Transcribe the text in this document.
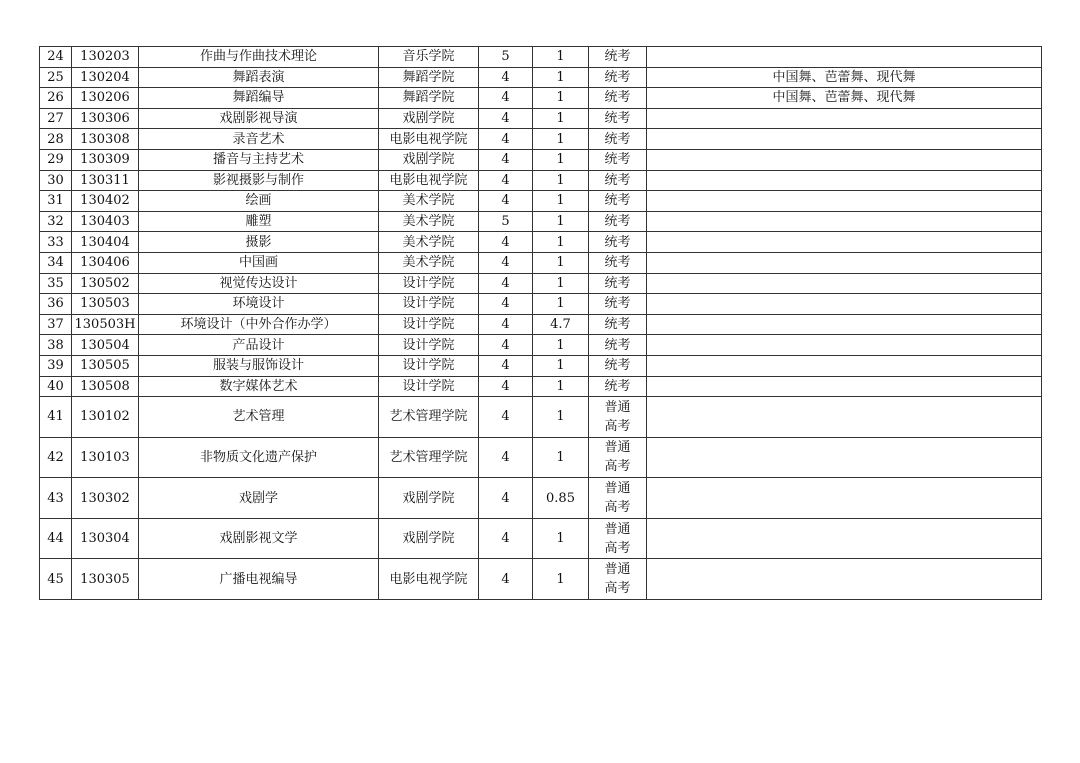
24	130203	作曲与作曲技术理论	音乐学院	5	1	统考	

25	130204	舞蹈表演	舞蹈学院	4	1	统考	中国舞、芭蕾舞、现代舞
26	130206	舞蹈编导	舞蹈学院	4	1	统考	中国舞、芭蕾舞、现代舞
27	130306	戏剧影视导演	戏剧学院	4	1	统考	

28	130308	录音艺术	电影电视学院	4	1	统考	

29	130309	播音与主持艺术	戏剧学院	4	1	统考	

30	130311	影视摄影与制作	电影电视学院	4	1	统考	

31	130402	绘画	美术学院	4	1	统考	

32	130403	雕塑	美术学院	5	1	统考	

33	130404	摄影	美术学院	4	1	统考	

34	130406	中国画	美术学院	4	1	统考	

35	130502	视觉传达设计	设计学院	4	1	统考	

36	130503	环境设计	设计学院	4	1	统考	

37	130503H	环境设计（中外合作办学）	设计学院	4	4.7	统考	

38	130504	产品设计	设计学院	4	1	统考	

39	130505	服装与服饰设计	设计学院	4	1	统考	

40	130508	数字媒体艺术	设计学院	4	1	统考	

41	130102	艺术管理	艺术管理学院	4	1	普通
高考	

42	130103	非物质文化遗产保护	艺术管理学院	4	1	普通
高考	

43	130302	戏剧学	戏剧学院	4	0.85	普通
高考	

44	130304	戏剧影视文学	戏剧学院	4	1	普通
高考	

45	130305	广播电视编导	电影电视学院	4	1	普通
高考	
